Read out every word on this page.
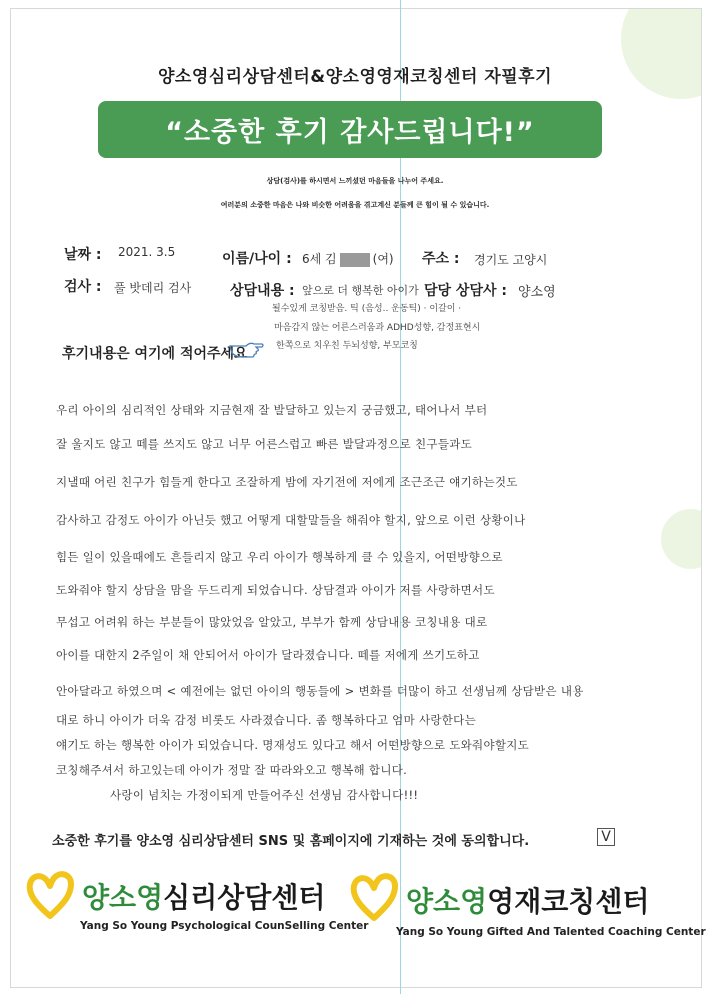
양소영심리상담센터&양소영영재코칭센터 자필후기
“소중한 후기 감사드립니다!”
상담(검사)를 하시면서 느끼셨던 마음들을 나누어 주세요.
여러분의 소중한 마음은 나와 비슷한 어려움을 겪고계신 분들께 큰 힘이 될 수 있습니다.
날짜 : 2021. 3.5	이름/나이 : 6세 김	(여) 주소 : 경기도 고양시
검사 : 풀 밧데리 검사	상담내용 : 앞으로 더 행복한 아이가 담당 상담사 : 양소영
될수있게 코칭받음. 틱 (음성.. 운동틱) · 이갈이 ·
마음감지 않는 어른스러움과 ADHD성향, 감정표현시
한쪽으로 치우친 두뇌성향, 부모코칭
후기내용은 여기에 적어주세요
우리 아이의 심리적인 상태와 지금현재 잘 발달하고 있는지 궁금했고, 태어나서 부터
잘 울지도 않고 떼를 쓰지도 않고 너무 어른스럽고 빠른 발달과정으로 친구들과도
지낼때 어린 친구가 힘들게 한다고 조잘하게 밤에 자기전에 저에게 조근조근 얘기하는것도
감사하고 감정도 아이가 아닌듯 했고 어떻게 대할말들을 해줘야 할지, 앞으로 이런 상황이나
힘든 일이 있을때에도 흔들리지 않고 우리 아이가 행복하게 클 수 있을지, 어떤방향으로
도와줘야 할지 상담을 맘을 두드리게 되었습니다. 상담결과 아이가 저를 사랑하면서도
무섭고 어려워 하는 부분들이 많았었음 알았고, 부부가 함께 상담내용 코칭내용 대로
아이를 대한지 2주일이 채 안되어서 아이가 달라졌습니다. 떼를 저에게 쓰기도하고
안아달라고 하였으며 < 예전에는 없던 아이의 행동들에 > 변화를 더많이 하고 선생님께 상담받은 내용
대로 하니 아이가 더욱 감정 비롯도 사라졌습니다. 좀 행복하다고 엄마 사랑한다는
얘기도 하는 행복한 아이가 되었습니다. 명재성도 있다고 해서 어떤방향으로 도와줘야할지도
코칭해주셔서 하고있는데 아이가 정말 잘 따라와오고 행복해 합니다.
사랑이 넘치는 가정이되게 만들어주신 선생님 감사합니다!!!
소중한 후기를 양소영 심리상담센터 SNS 및 홈페이지에 기재하는 것에 동의합니다.	V
양소영심리상담센터
Yang So Young Psychological CounSelling Center
양소영영재코칭센터
Yang So Young Gifted And Talented Coaching Center
